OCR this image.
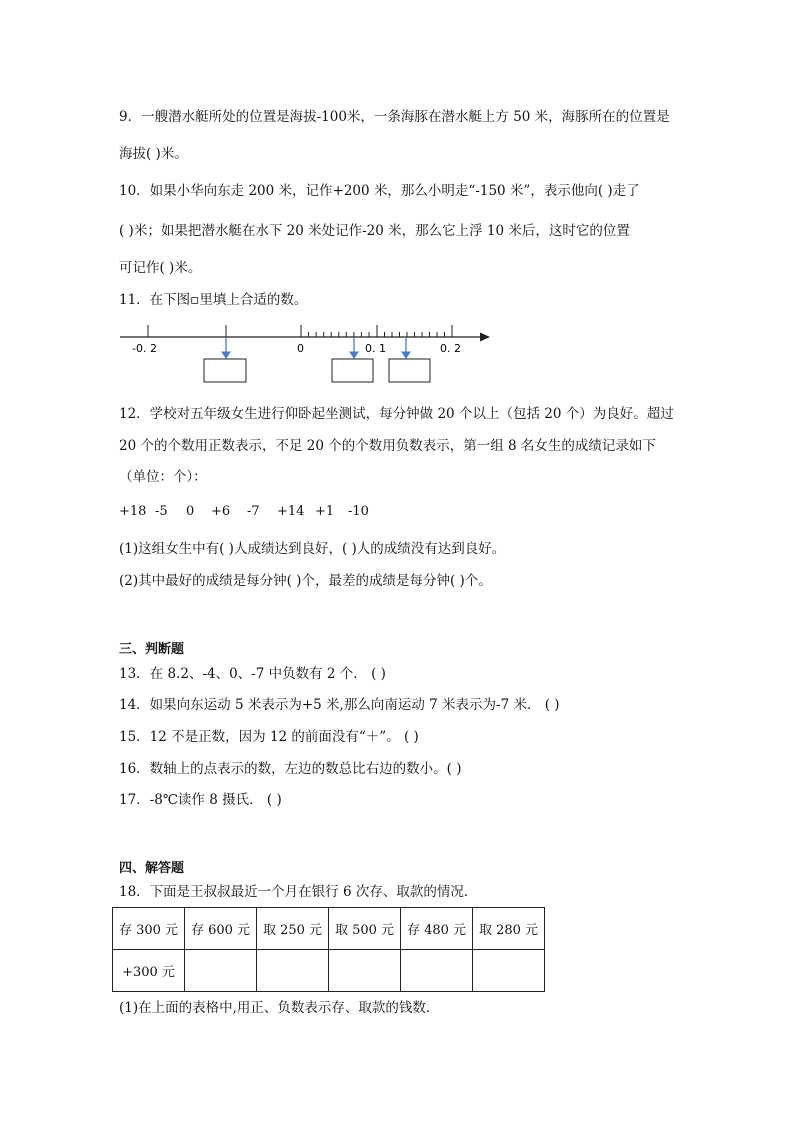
9．一艘潜水艇所处的位置是海拔-100米，一条海豚在潜水艇上方 50 米，海豚所在的位置是
海拔( )米。
10．如果小华向东走 200 米，记作+200 米，那么小明走“-150 米”，表示他向( )走了
( )米；如果把潜水艇在水下 20 米处记作-20 米，那么它上浮 10 米后，这时它的位置
可记作( )米。
11．在下图▫里填上合适的数。
-0. 2	0	0. 1	0. 2
12．学校对五年级女生进行仰卧起坐测试，每分钟做 20 个以上（包括 20 个）为良好。超过
20 个的个数用正数表示，不足 20 个的个数用负数表示，第一组 8 名女生的成绩记录如下
（单位：个）：
+18 -5 0 +6 -7 +14 +1 -10
(1)这组女生中有( )人成绩达到良好，( )人的成绩没有达到良好。
(2)其中最好的成绩是每分钟( )个，最差的成绩是每分钟( )个。
三、判断题
13．在 8.2、-4、0、-7 中负数有 2 个． ( )
14．如果向东运动 5 米表示为+5 米,那么向南运动 7 米表示为-7 米． ( )
15．12 不是正数，因为 12 的前面没有“＋”。 ( )
16．数轴上的点表示的数，左边的数总比右边的数小。( )
17．-8℃读作 8 摄氏． ( )
四、解答题
18．下面是王叔叔最近一个月在银行 6 次存、取款的情况．
存 300 元	存 600 元	取 250 元	取 500 元	存 480 元	取 280 元
+300 元					
(1)在上面的表格中,用正、负数表示存、取款的钱数．
